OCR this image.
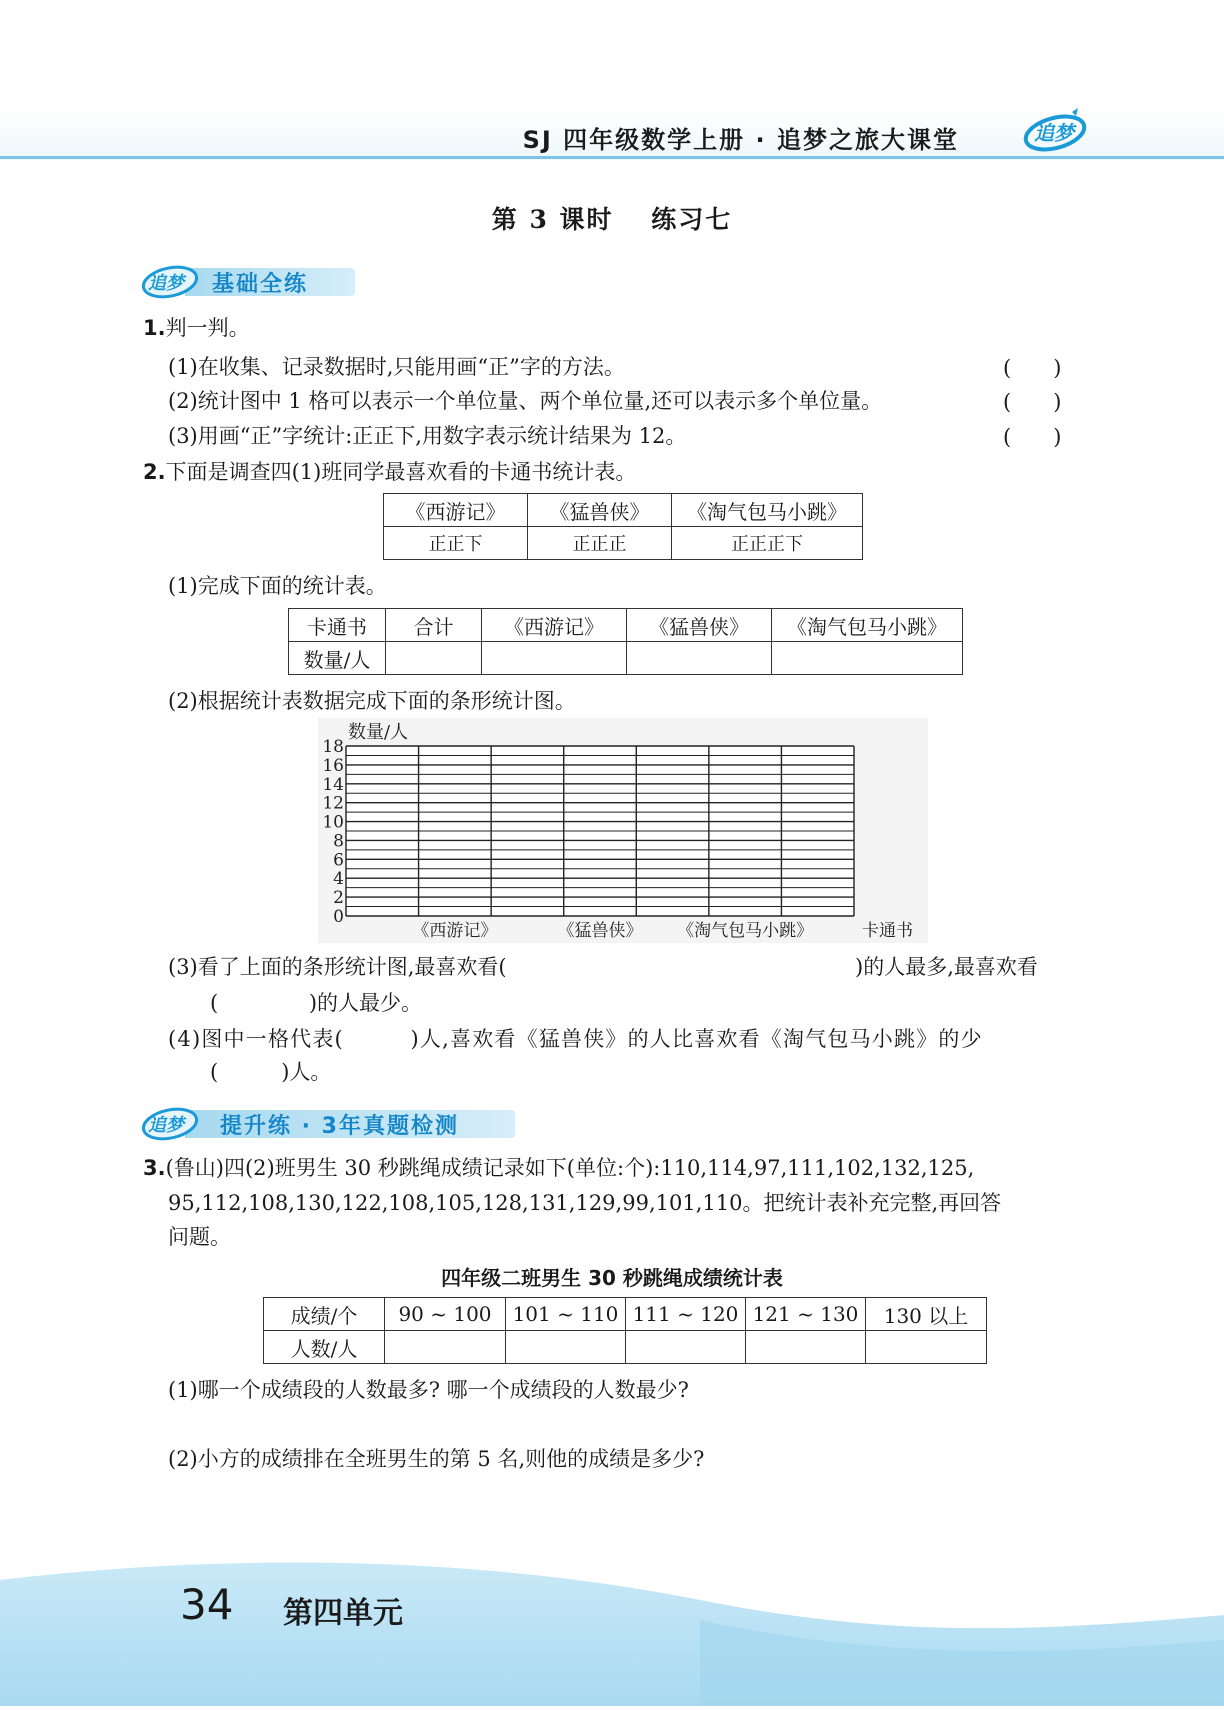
SJ 四年级数学上册 · 追梦之旅大课堂	追梦
第 3 课时　 练习七
追梦 基础全练
1.判一判。
(1)在收集、记录数据时,只能用画“正”字的方法。	(　　)
(2)统计图中 1 格可以表示一个单位量、两个单位量,还可以表示多个单位量。	(　　)
(3)用画“正”字统计:正正下,用数字表示统计结果为 12。	(　　)
2.下面是调查四(1)班同学最喜欢看的卡通书统计表。
《西游记》	《猛兽侠》	《淘气包马小跳》
正正下	正正正	正正正下
(1)完成下面的统计表。
卡通书	合计	《西游记》	《猛兽侠》	《淘气包马小跳》
数量/人				
(2)根据统计表数据完成下面的条形统计图。
18
16
14
12
10
8
6
4
2
0
数量/人
《西游记》	《猛兽侠》 《淘气包马小跳》	卡通书
(3)看了上面的条形统计图,最喜欢看(	)的人最多,最喜欢看
(　　　　 )的人最少。
(4)图中一格代表(　　　)人,喜欢看《猛兽侠》的人比喜欢看《淘气包马小跳》的少
(　　　)人。
追梦 提升练 · 3年真题检测
3.(鲁山)四(2)班男生 30 秒跳绳成绩记录如下(单位:个):110,114,97,111,102,132,125,
95,112,108,130,122,108,105,128,131,129,99,101,110。把统计表补充完整,再回答
问题。
四年级二班男生 30 秒跳绳成绩统计表
成绩/个	90 ~ 100	101 ~ 110	111 ~ 120	121 ~ 130	130 以上
人数/人					
(1)哪一个成绩段的人数最多? 哪一个成绩段的人数最少?
(2)小方的成绩排在全班男生的第 5 名,则他的成绩是多少?
34 第四单元
